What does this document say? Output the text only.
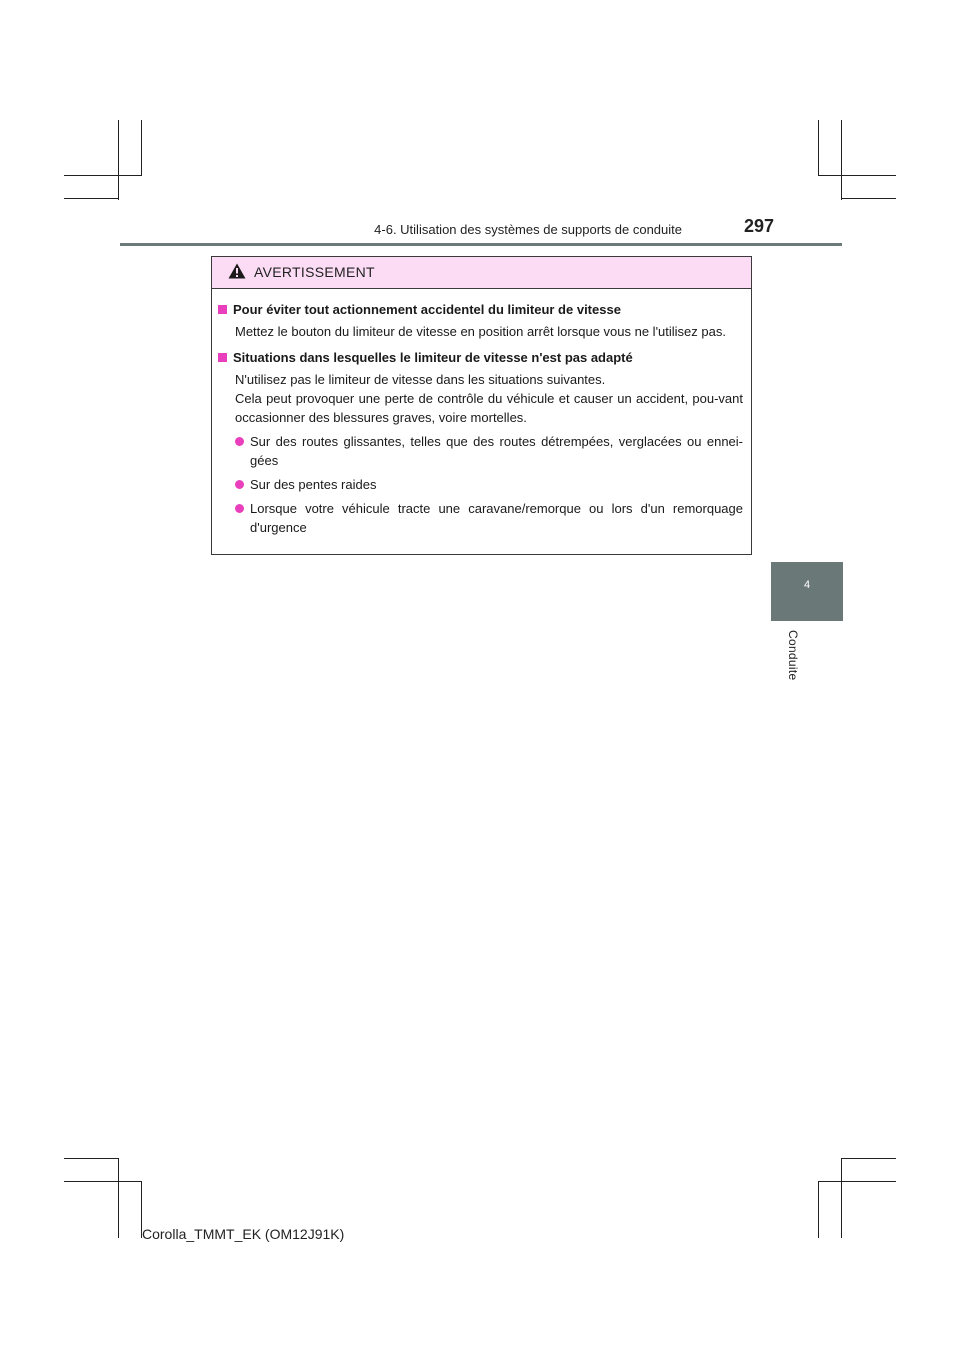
4-6. Utilisation des systèmes de supports de conduite	297
4
Conduite
AVERTISSEMENT
Pour éviter tout actionnement accidentel du limiteur de vitesse
Mettez le bouton du limiteur de vitesse en position arrêt lorsque vous ne l'utilisez pas.
Situations dans lesquelles le limiteur de vitesse n'est pas adapté
N'utilisez pas le limiteur de vitesse dans les situations suivantes.
Cela peut provoquer une perte de contrôle du véhicule et causer un accident, pou-vant occasionner des blessures graves, voire mortelles.
Sur des routes glissantes, telles que des routes détrempées, verglacées ou ennei-gées
Sur des pentes raides
Lorsque votre véhicule tracte une caravane/remorque ou lors d'un remorquage d'urgence
Corolla_TMMT_EK (OM12J91K)
